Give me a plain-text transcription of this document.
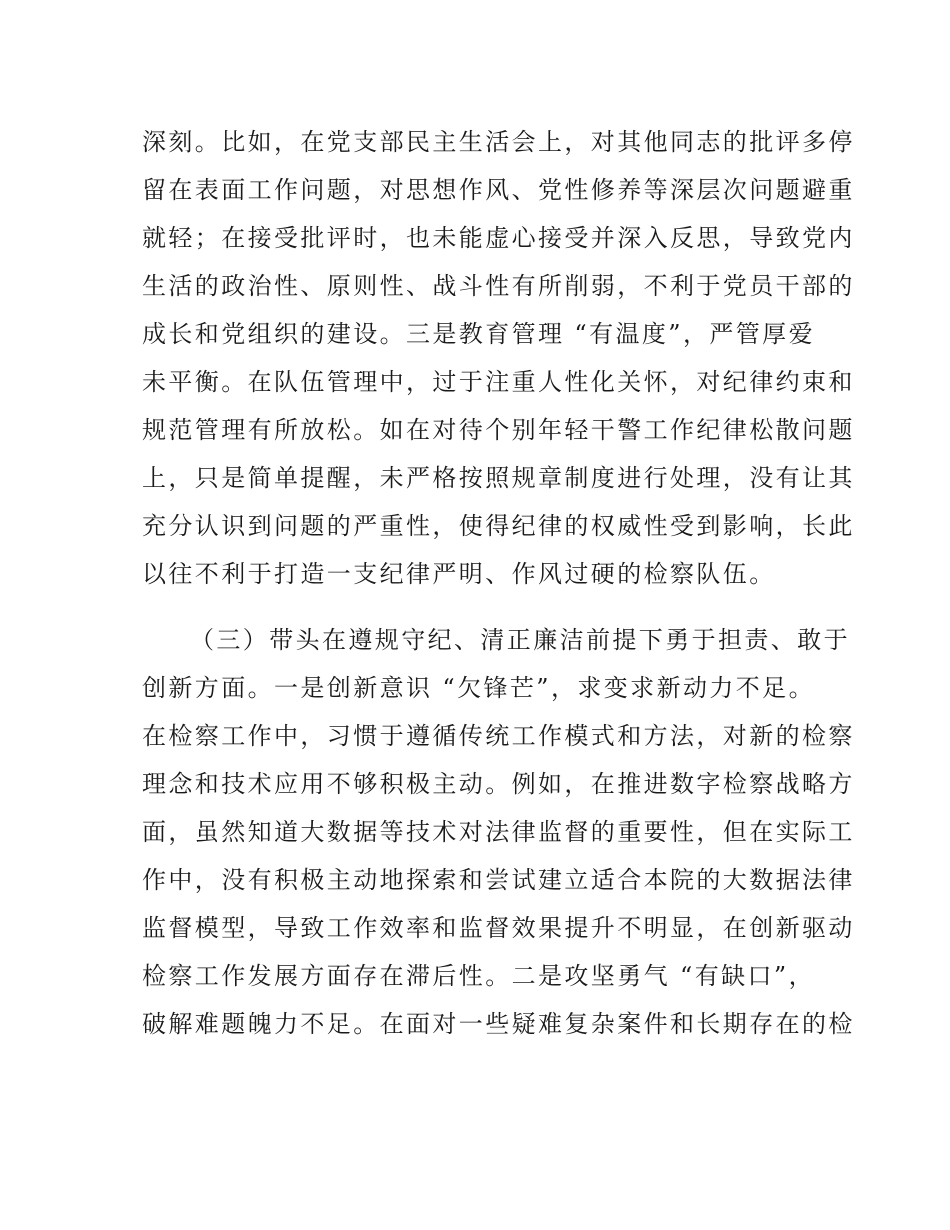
深刻。比如，在党支部民主生活会上，对其他同志的批评多停
留在表面工作问题，对思想作风、党性修养等深层次问题避重
就轻；在接受批评时，也未能虚心接受并深入反思，导致党内
生活的政治性、原则性、战斗性有所削弱，不利于党员干部的
成长和党组织的建设。三是教育管理 “有温度”，严管厚爱
未平衡。在队伍管理中，过于注重人性化关怀，对纪律约束和
规范管理有所放松。如在对待个别年轻干警工作纪律松散问题
上，只是简单提醒，未严格按照规章制度进行处理，没有让其
充分认识到问题的严重性，使得纪律的权威性受到影响，长此
以往不利于打造一支纪律严明、作风过硬的检察队伍。
（三）带头在遵规守纪、清正廉洁前提下勇于担责、敢于
创新方面。一是创新意识 “欠锋芒”，求变求新动力不足。
在检察工作中，习惯于遵循传统工作模式和方法，对新的检察
理念和技术应用不够积极主动。例如，在推进数字检察战略方
面，虽然知道大数据等技术对法律监督的重要性，但在实际工
作中，没有积极主动地探索和尝试建立适合本院的大数据法律
监督模型，导致工作效率和监督效果提升不明显，在创新驱动
检察工作发展方面存在滞后性。二是攻坚勇气 “有缺口”，
破解难题魄力不足。在面对一些疑难复杂案件和长期存在的检
